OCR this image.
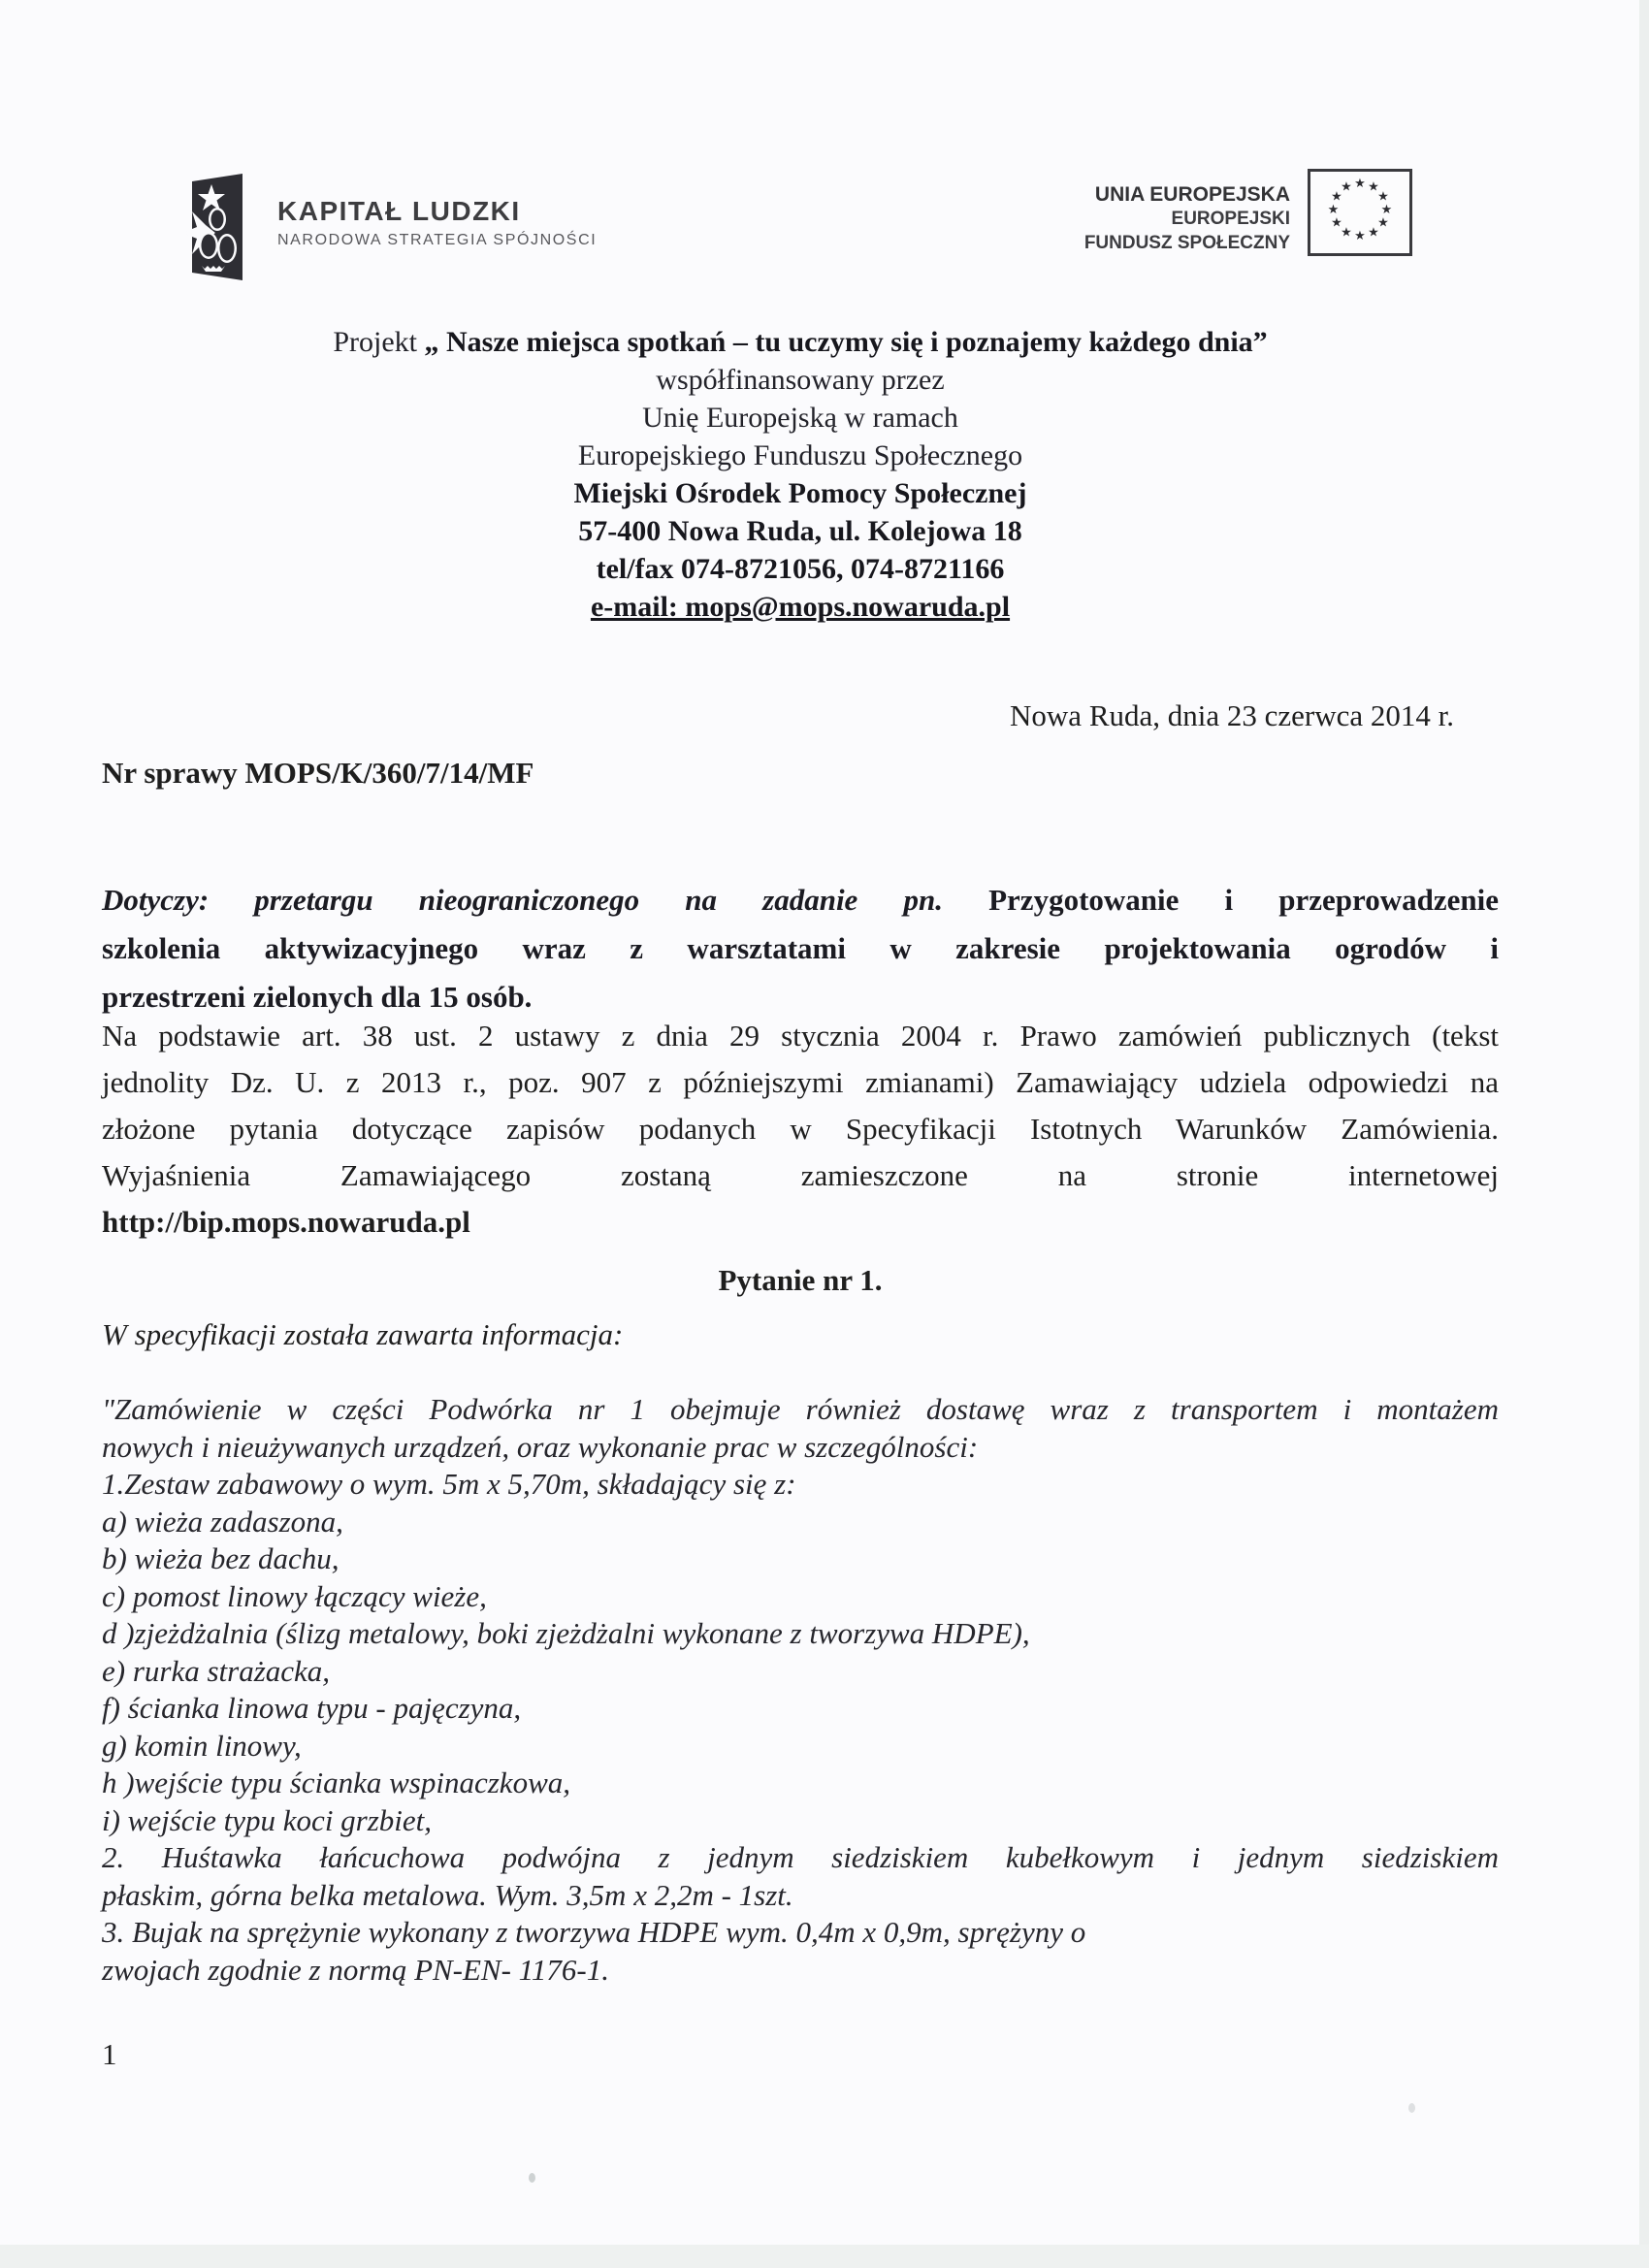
KAPITAŁ LUDZKI
NARODOWA STRATEGIA SPÓJNOŚCI
UNIA EUROPEJSKA
EUROPEJSKI
FUNDUSZ SPOŁECZNY
★ ★
★
★
★
★
★
★
★
★
★
★
Projekt „ Nasze miejsca spotkań – tu uczymy się i poznajemy każdego dnia”
współfinansowany przez
Unię Europejską w ramach
Europejskiego Funduszu Społecznego
Miejski Ośrodek Pomocy Społecznej
57-400 Nowa Ruda, ul. Kolejowa 18
tel/fax 074-8721056, 074-8721166
e-mail: mops@mops.nowaruda.pl
Nowa Ruda, dnia 23 czerwca 2014 r.
Nr sprawy MOPS/K/360/7/14/MF
Dotyczy: przetargu nieograniczonego na zadanie pn. Przygotowanie i przeprowadzenie
szkolenia aktywizacyjnego wraz z warsztatami w zakresie projektowania ogrodów i
przestrzeni zielonych dla 15 osób.
Na podstawie art. 38 ust. 2 ustawy z dnia 29 stycznia 2004 r. Prawo zamówień publicznych (tekst
jednolity Dz. U. z 2013 r., poz. 907 z późniejszymi zmianami) Zamawiający udziela odpowiedzi na
złożone pytania dotyczące zapisów podanych w Specyfikacji Istotnych Warunków Zamówienia.
Wyjaśnienia Zamawiającego zostaną zamieszczone na stronie internetowej
http://bip.mops.nowaruda.pl
Pytanie nr 1.
W specyfikacji została zawarta informacja:
"Zamówienie w części Podwórka nr 1 obejmuje również dostawę wraz z transportem i montażem
nowych i nieużywanych urządzeń, oraz wykonanie prac w szczególności:
1.Zestaw zabawowy o wym. 5m x 5,70m, składający się z:
a) wieża zadaszona,
b) wieża bez dachu,
c) pomost linowy łączący wieże,
d )zjeżdżalnia (ślizg metalowy, boki zjeżdżalni wykonane z tworzywa HDPE),
e) rurka strażacka,
f) ścianka linowa typu - pajęczyna,
g) komin linowy,
h )wejście typu ścianka wspinaczkowa,
i) wejście typu koci grzbiet,
2. Huśtawka łańcuchowa podwójna z jednym siedziskiem kubełkowym i jednym siedziskiem
płaskim, górna belka metalowa. Wym. 3,5m x 2,2m - 1szt.
3. Bujak na sprężynie wykonany z tworzywa HDPE wym. 0,4m x 0,9m, sprężyny o
zwojach zgodnie z normą PN-EN- 1176-1.
1
